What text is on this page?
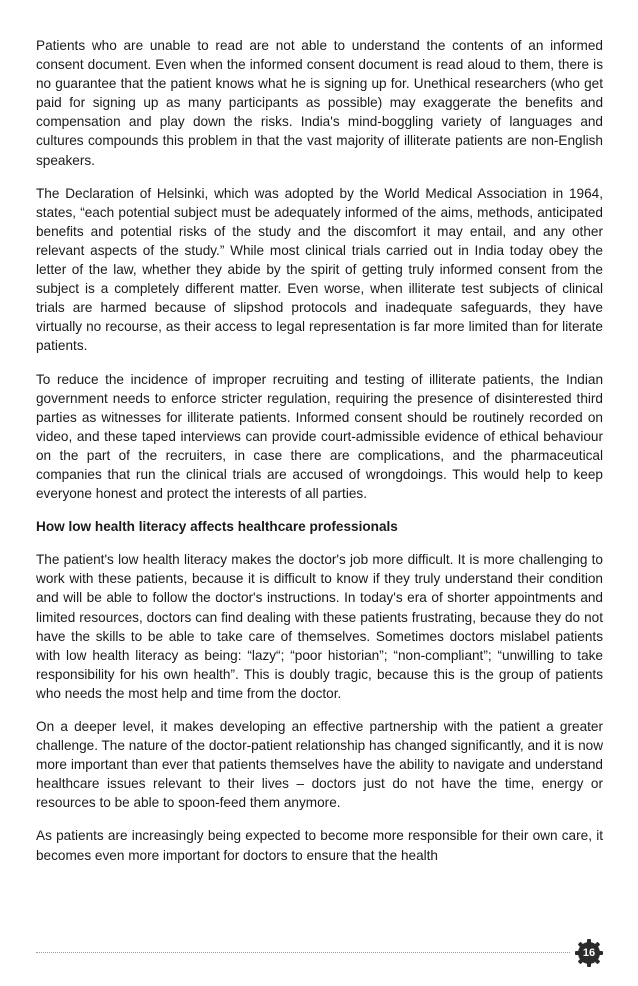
Patients who are unable to read are not able to understand the contents of an informed consent document. Even when the informed consent document is read aloud to them, there is no guarantee that the patient knows what he is signing up for. Unethical researchers (who get paid for signing up as many participants as possible) may exaggerate the benefits and compensation and play down the risks. India's mind-boggling variety of languages and cultures compounds this problem in that the vast majority of illiterate patients are non-English speakers.

The Declaration of Helsinki, which was adopted by the World Medical Association in 1964, states, “each potential subject must be adequately informed of the aims, methods, anticipated benefits and potential risks of the study and the discomfort it may entail, and any other relevant aspects of the study.” While most clinical trials carried out in India today obey the letter of the law, whether they abide by the spirit of getting truly informed consent from the subject is a completely different matter. Even worse, when illiterate test subjects of clinical trials are harmed because of slipshod protocols and inadequate safeguards, they have virtually no recourse, as their access to legal representation is far more limited than for literate patients.

To reduce the incidence of improper recruiting and testing of illiterate patients, the Indian government needs to enforce stricter regulation, requiring the presence of disinterested third parties as witnesses for illiterate patients. Informed consent should be routinely recorded on video, and these taped interviews can provide court-admissible evidence of ethical behaviour on the part of the recruiters, in case there are complications, and the pharmaceutical companies that run the clinical trials are accused of wrongdoings. This would help to keep everyone honest and protect the interests of all parties.

How low health literacy affects healthcare professionals

The patient's low health literacy makes the doctor's job more difficult. It is more challenging to work with these patients, because it is difficult to know if they truly understand their condition and will be able to follow the doctor's instructions. In today's era of shorter appointments and limited resources, doctors can find dealing with these patients frustrating, because they do not have the skills to be able to take care of themselves. Sometimes doctors mislabel patients with low health literacy as being: “lazy“; “poor historian”; “non-compliant”; “unwilling to take responsibility for his own health”. This is doubly tragic, because this is the group of patients who needs the most help and time from the doctor.

On a deeper level, it makes developing an effective partnership with the patient a greater challenge. The nature of the doctor-patient relationship has changed significantly, and it is now more important than ever that patients themselves have the ability to navigate and understand healthcare issues relevant to their lives – doctors just do not have the time, energy or resources to be able to spoon-feed them anymore.

As patients are increasingly being expected to become more responsible for their own care, it becomes even more important for doctors to ensure that the health

16
